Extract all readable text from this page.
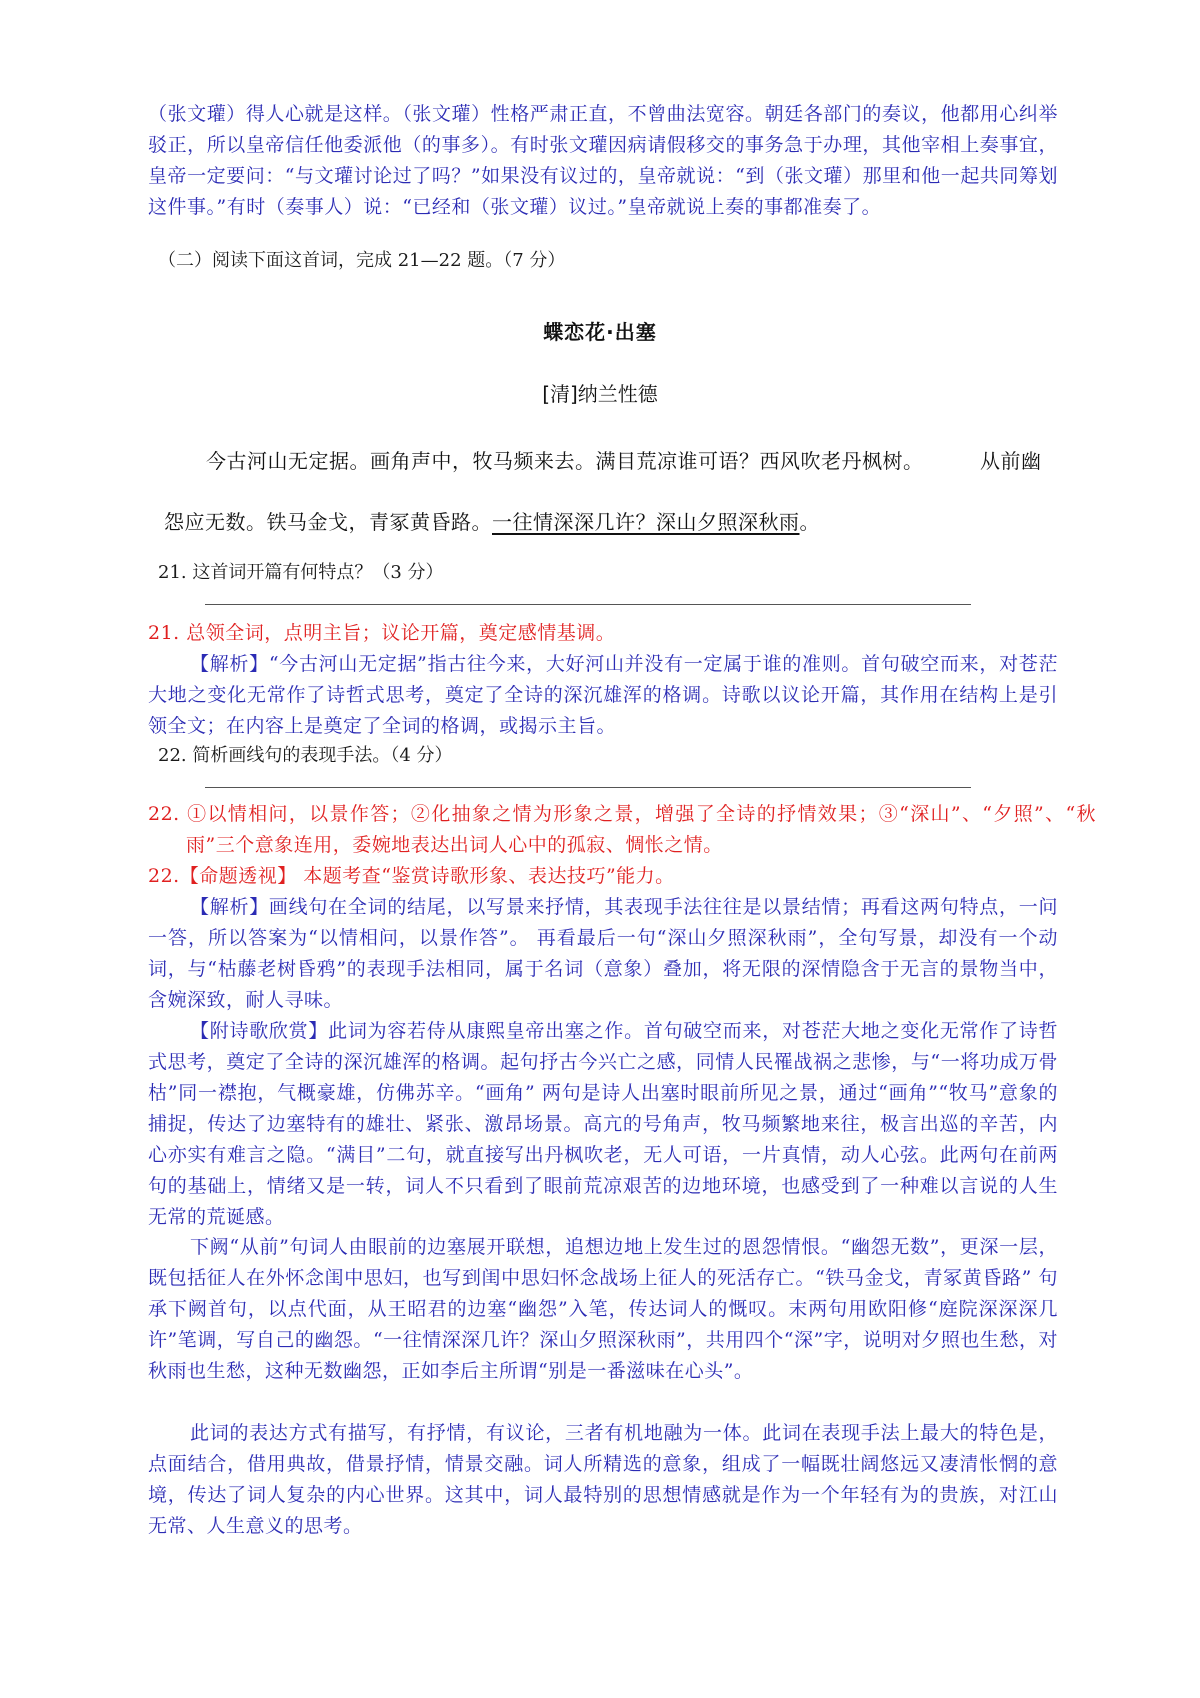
（张文瓘）得人心就是这样。（张文瓘）性格严肃正直，不曾曲法宽容。朝廷各部门的奏议，他都用心纠举驳正，所以皇帝信任他委派他（的事多）。有时张文瓘因病请假移交的事务急于办理，其他宰相上奏事宜，皇帝一定要问：“与文瓘讨论过了吗？”如果没有议过的，皇帝就说：“到（张文瓘）那里和他一起共同筹划这件事。”有时（奏事人）说：“已经和（张文瓘）议过。”皇帝就说上奏的事都准奏了。
（二）阅读下面这首词，完成 21—22 题。（7 分）
蝶恋花·出塞
[清]纳兰性德
今古河山无定据。画角声中，牧马频来去。满目荒凉谁可语？西风吹老丹枫树。	从前幽
怨应无数。铁马金戈，青冢黄昏路。一往情深深几许？深山夕照深秋雨。
21. 这首词开篇有何特点？（3 分）
21. 总领全词，点明主旨；议论开篇，奠定感情基调。
【解析】“今古河山无定据”指古往今来，大好河山并没有一定属于谁的准则。首句破空而来，对苍茫大地之变化无常作了诗哲式思考，奠定了全诗的深沉雄浑的格调。诗歌以议论开篇，其作用在结构上是引领全文；在内容上是奠定了全词的格调，或揭示主旨。
22. 简析画线句的表现手法。（4 分）
22. ①以情相问，以景作答；②化抽象之情为形象之景，增强了全诗的抒情效果；③“深山”、“夕照”、“秋雨”三个意象连用，委婉地表达出词人心中的孤寂、惆怅之情。
22.【命题透视】 本题考查“鉴赏诗歌形象、表达技巧”能力。
【解析】画线句在全词的结尾，以写景来抒情，其表现手法往往是以景结情；再看这两句特点，一问一答，所以答案为“以情相问，以景作答”。 再看最后一句“深山夕照深秋雨”，全句写景，却没有一个动词，与“枯藤老树昏鸦”的表现手法相同，属于名词（意象）叠加，将无限的深情隐含于无言的景物当中，含婉深致，耐人寻味。
【附诗歌欣赏】此词为容若侍从康熙皇帝出塞之作。首句破空而来，对苍茫大地之变化无常作了诗哲式思考，奠定了全诗的深沉雄浑的格调。起句抒古今兴亡之感，同情人民罹战祸之悲惨，与“一将功成万骨枯”同一襟抱，气概豪雄，仿佛苏辛。“画角” 两句是诗人出塞时眼前所见之景，通过“画角”“牧马”意象的捕捉，传达了边塞特有的雄壮、紧张、激昂场景。高亢的号角声，牧马频繁地来往，极言出巡的辛苦，内心亦实有难言之隐。“满目”二句，就直接写出丹枫吹老，无人可语，一片真情，动人心弦。此两句在前两句的基础上，情绪又是一转，词人不只看到了眼前荒凉艰苦的边地环境，也感受到了一种难以言说的人生无常的荒诞感。
下阙“从前”句词人由眼前的边塞展开联想，追想边地上发生过的恩怨情恨。“幽怨无数”，更深一层，既包括征人在外怀念闺中思妇，也写到闺中思妇怀念战场上征人的死活存亡。“铁马金戈，青冢黄昏路” 句承下阙首句，以点代面，从王昭君的边塞“幽怨”入笔，传达词人的慨叹。末两句用欧阳修“庭院深深深几许”笔调，写自己的幽怨。“一往情深深几许？深山夕照深秋雨”，共用四个“深”字，说明对夕照也生愁，对秋雨也生愁，这种无数幽怨，正如李后主所谓“别是一番滋味在心头”。
此词的表达方式有描写，有抒情，有议论，三者有机地融为一体。此词在表现手法上最大的特色是，点面结合，借用典故，借景抒情，情景交融。词人所精选的意象，组成了一幅既壮阔悠远又凄清怅惘的意境，传达了词人复杂的内心世界。这其中，词人最特别的思想情感就是作为一个年轻有为的贵族，对江山无常、人生意义的思考。
